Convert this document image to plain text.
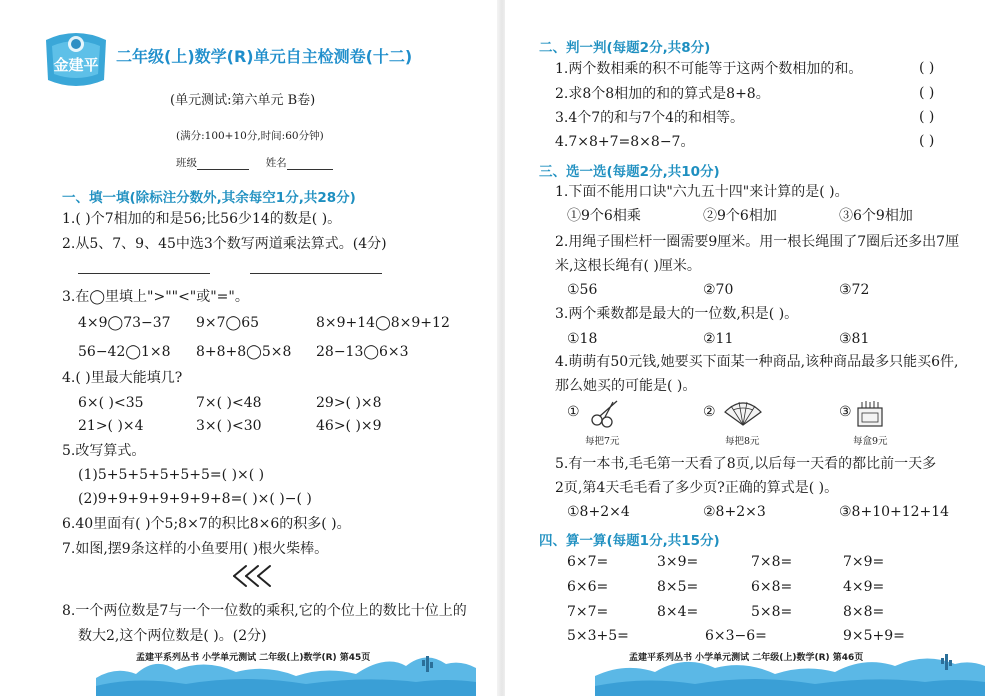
金建平 二年级(上)数学(R)单元自主检测卷(十二)
(单元测试:第六单元 B卷)
(满分:100+10分,时间:60分钟)
班级	姓名
一、填一填(除标注分数外,其余每空1分,共28分)
1.( )个7相加的和是56;比56少14的数是( )。
2.从5、7、9、45中选3个数写两道乘法算式。(4分)
3.在◯里填上">""<"或"="。
4×9◯73−37 9×7◯65	8×9+14◯8×9+12
56−42◯1×8 8+8+8◯5×8 28−13◯6×3
4.( )里最大能填几?
6×( )<35	7×( )<48	29>( )×8
21>( )×4	3×( )<30	46>( )×9
5.改写算式。
(1)5+5+5+5+5+5=( )×( )
(2)9+9+9+9+9+9+8=( )×( )−( )
6.40里面有( )个5;8×7的积比8×6的积多( )。
7.如图,摆9条这样的小鱼要用( )根火柴棒。
8.一个两位数是7与一个一位数的乘积,它的个位上的数比十位上的
数大2,这个两位数是( )。(2分)
孟建平系列丛书 小学单元测试 二年级(上)数学(R) 第45页
二、判一判(每题2分,共8分)
1.两个数相乘的积不可能等于这两个数相加的和。	( )
2.求8个8相加的和的算式是8+8。	( )
3.4个7的和与7个4的和相等。	( )
4.7×8+7=8×8−7。	( )
三、选一选(每题2分,共10分)
1.下面不能用口诀"六九五十四"来计算的是( )。
①9个6相乘	②9个6相加	③6个9相加
2.用绳子围栏杆一圈需要9厘米。用一根长绳围了7圈后还多出7厘
米,这根长绳有( )厘米。
①56	②70	③72
3.两个乘数都是最大的一位数,积是( )。
①18	②11	③81
4.萌萌有50元钱,她要买下面某一种商品,该种商品最多只能买6件,
那么她买的可能是( )。
①
每把7元
②
每把8元
③
每盒9元
5.有一本书,毛毛第一天看了8页,以后每一天看的都比前一天多
2页,第4天毛毛看了多少页?正确的算式是( )。
①8+2×4	②8+2×3	③8+10+12+14
四、算一算(每题1分,共15分)
6×7=	3×9=	7×8=	7×9=
6×6=	8×5=	6×8=	4×9=
7×7=	8×4=	5×8=	8×8=
5×3+5=	6×3−6=	9×5+9=
孟建平系列丛书 小学单元测试 二年级(上)数学(R) 第46页
